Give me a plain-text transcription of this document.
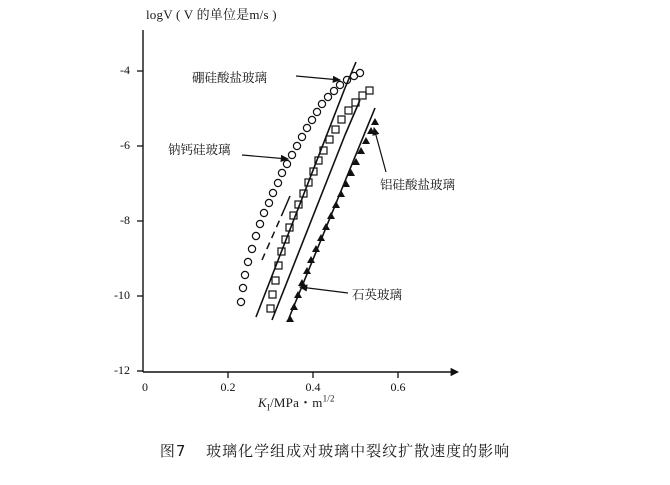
logV ( V 的单位是m/s )
$K_I$/MPa・$m^{1/2}$
-4
-6
-8
-10
-12
0	0.2	0.4	0.6
硼硅酸盐玻璃
钠钙硅玻璃
铝硅酸盐玻璃
石英玻璃
图7 玻璃化学组成对玻璃中裂纹扩散速度的影响
